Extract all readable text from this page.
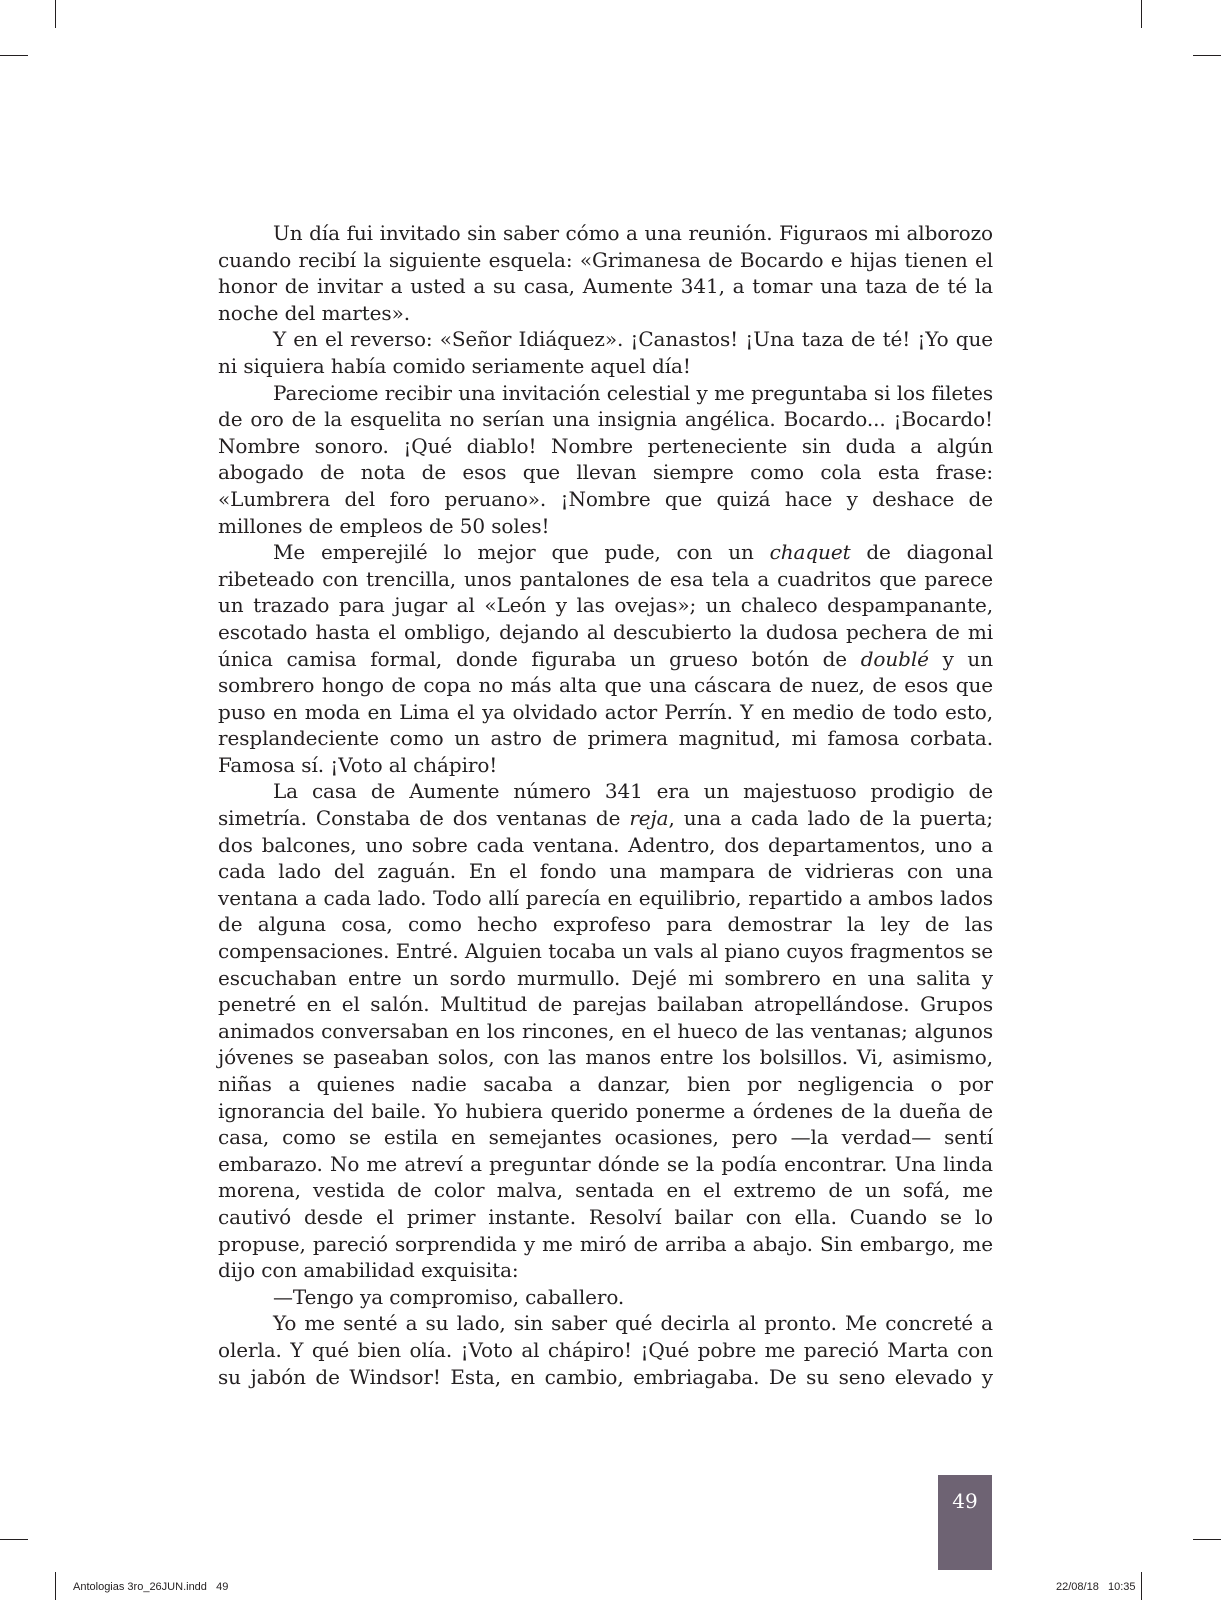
Un día fui invitado sin saber cómo a una reunión. Figuraos mi alborozo cuando recibí la siguiente esquela: «Grimanesa de Bocardo e hijas tienen el honor de invitar a usted a su casa, Aumente 341, a tomar una taza de té la noche del martes».

Y en el reverso: «Señor Idiáquez». ¡Canastos! ¡Una taza de té! ¡Yo que ni siquiera había comido seriamente aquel día!

Pareciome recibir una invitación celestial y me preguntaba si los filetes de oro de la esquelita no serían una insignia angélica. Bocardo... ¡Bocardo! Nombre sonoro. ¡Qué diablo! Nombre perteneciente sin duda a algún abogado de nota de esos que llevan siempre como cola esta frase: «Lumbrera del foro peruano». ¡Nombre que quizá hace y deshace de millones de empleos de 50 soles!

Me emperejilé lo mejor que pude, con un chaquet de diagonal ribeteado con trencilla, unos pantalones de esa tela a cuadritos que parece un trazado para jugar al «León y las ovejas»; un chaleco despampanante, escotado hasta el ombligo, dejando al descubierto la dudosa pechera de mi única camisa formal, donde figuraba un grueso botón de doublé y un sombrero hongo de copa no más alta que una cáscara de nuez, de esos que puso en moda en Lima el ya olvidado actor Perrín. Y en medio de todo esto, resplandeciente como un astro de primera magnitud, mi famosa corbata. Famosa sí. ¡Voto al chápiro!

La casa de Aumente número 341 era un majestuoso prodigio de simetría. Constaba de dos ventanas de reja, una a cada lado de la puerta; dos balcones, uno sobre cada ventana. Adentro, dos departamentos, uno a cada lado del zaguán. En el fondo una mampara de vidrieras con una ventana a cada lado. Todo allí parecía en equilibrio, repartido a ambos lados de alguna cosa, como hecho exprofeso para demostrar la ley de las compensaciones. Entré. Alguien tocaba un vals al piano cuyos fragmentos se escuchaban entre un sordo murmullo. Dejé mi sombrero en una salita y penetré en el salón. Multitud de parejas bailaban atropellándose. Grupos animados conversaban en los rincones, en el hueco de las ventanas; algunos jóvenes se paseaban solos, con las manos entre los bolsillos. Vi, asimismo, niñas a quienes nadie sacaba a danzar, bien por negligencia o por ignorancia del baile. Yo hubiera querido ponerme a órdenes de la dueña de casa, como se estila en semejantes ocasiones, pero —la verdad— sentí embarazo. No me atreví a preguntar dónde se la podía encontrar. Una linda morena, vestida de color malva, sentada en el extremo de un sofá, me cautivó desde el primer instante. Resolví bailar con ella. Cuando se lo propuse, pareció sorprendida y me miró de arriba a abajo. Sin embargo, me dijo con amabilidad exquisita:

—Tengo ya compromiso, caballero.

Yo me senté a su lado, sin saber qué decirla al pronto. Me concreté a olerla. Y qué bien olía. ¡Voto al chápiro! ¡Qué pobre me pareció Marta con su jabón de Windsor! Esta, en cambio, embriagaba. De su seno elevado y

49
Antologias 3ro_26JUN.indd   49	22/08/18   10:35
